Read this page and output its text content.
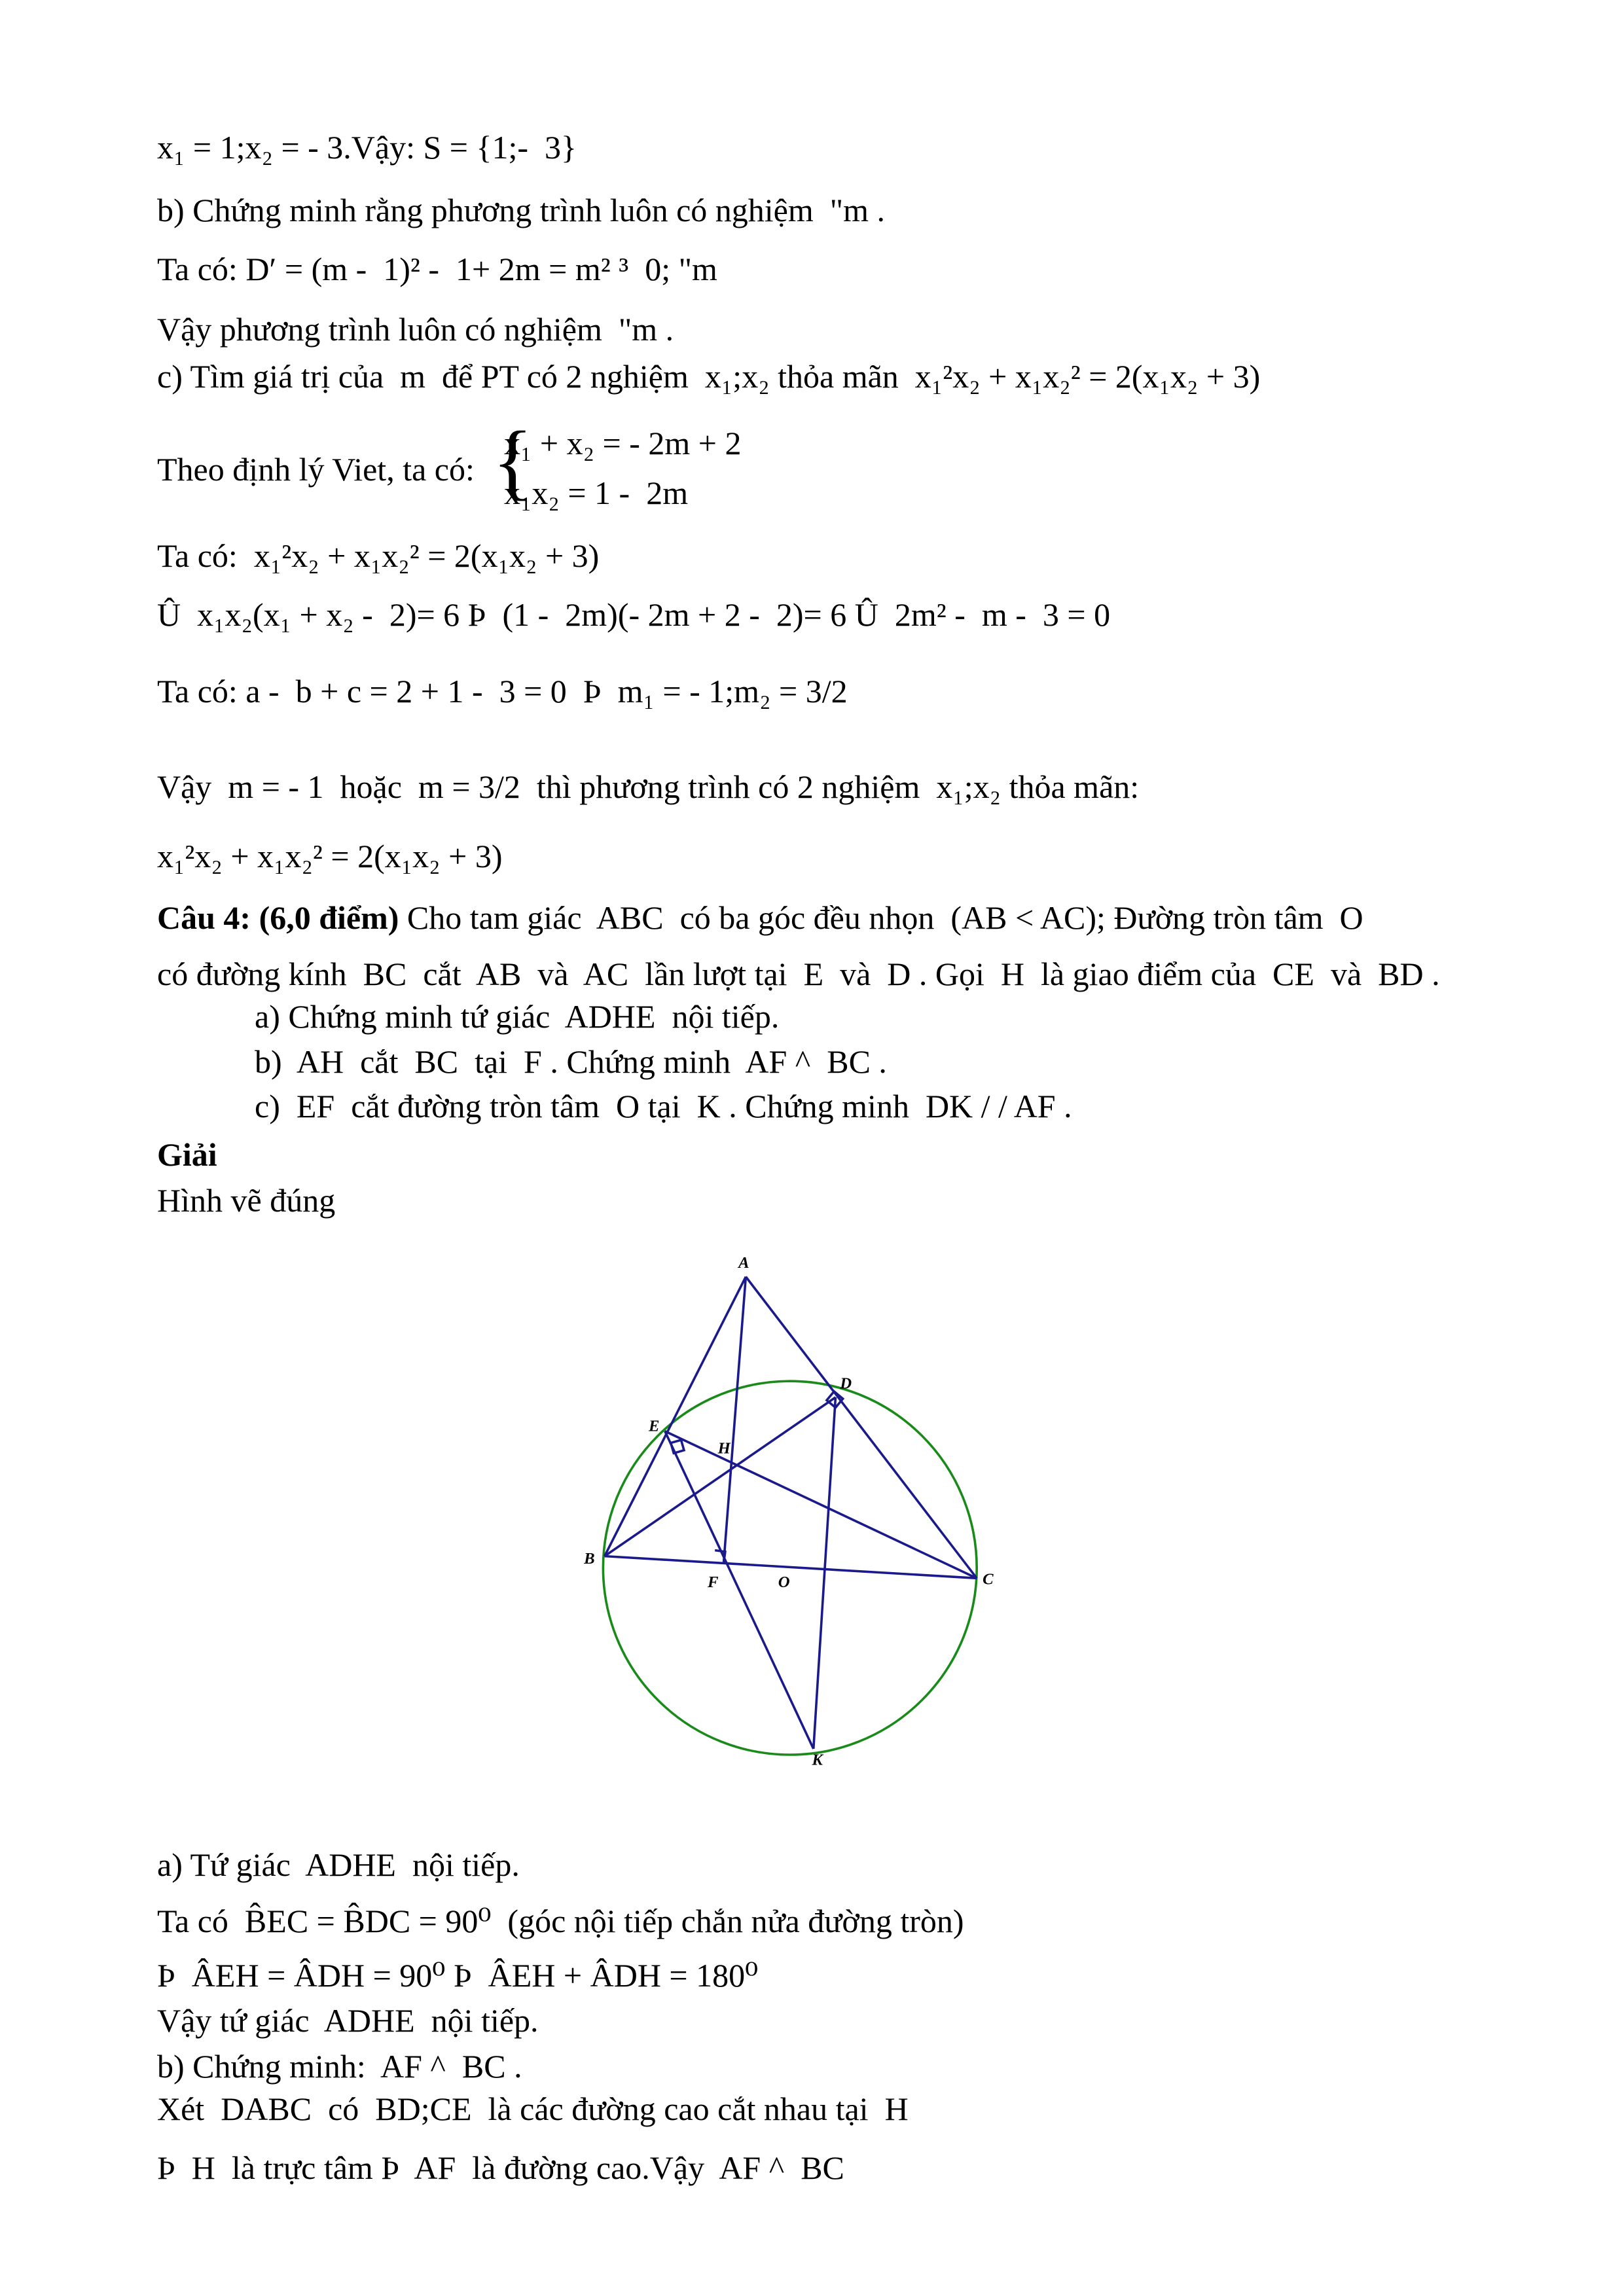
x₁ = 1;x₂ = - 3.Vậy: S = {1;-  3}
b) Chứng minh rằng phương trình luôn có nghiệm  "m .
Ta có: D′ = (m -  1)² -  1+ 2m = m² ³  0; "m
Vậy phương trình luôn có nghiệm  "m .
c) Tìm giá trị của  m  để PT có 2 nghiệm  x₁;x₂ thỏa mãn  x₁²x₂ + x₁x₂² = 2(x₁x₂ + 3)
Theo định lý Viet, ta có: {
x₁ + x₂ = - 2m + 2
x₁x₂ = 1 -  2m
Ta có:  x₁²x₂ + x₁x₂² = 2(x₁x₂ + 3)
Û  x₁x₂(x₁ + x₂ -  2)= 6 Þ  (1 -  2m)(- 2m + 2 -  2)= 6 Û  2m² -  m -  3 = 0
Ta có: a -  b + c = 2 + 1 -  3 = 0  Þ  m₁ = - 1;m₂ = 3/2
Vậy  m = - 1  hoặc  m = 3/2  thì phương trình có 2 nghiệm  x₁;x₂ thỏa mãn:
x₁²x₂ + x₁x₂² = 2(x₁x₂ + 3)
Câu 4: (6,0 điểm) Cho tam giác  ABC  có ba góc đều nhọn  (AB < AC); Đường tròn tâm  O
có đường kính  BC  cắt  AB  và  AC  lần lượt tại  E  và  D . Gọi  H  là giao điểm của  CE  và  BD .
a) Chứng minh tứ giác  ADHE  nội tiếp.
b)  AH  cắt  BC  tại  F . Chứng minh  AF ^  BC .
c)  EF  cắt đường tròn tâm  O tại  K . Chứng minh  DK / / AF .
Giải
Hình vẽ đúng
A
B
C
D
E
F
H
O
K
a) Tứ giác  ADHE  nội tiếp.
Ta có  B̂EC = B̂DC = 90⁰  (góc nội tiếp chắn nửa đường tròn)
Þ  ÂEH = ÂDH = 90⁰ Þ  ÂEH + ÂDH = 180⁰
Vậy tứ giác  ADHE  nội tiếp.
b) Chứng minh:  AF ^  BC .
Xét  DABC  có  BD;CE  là các đường cao cắt nhau tại  H
Þ  H  là trực tâm Þ  AF  là đường cao.Vậy  AF ^  BC
